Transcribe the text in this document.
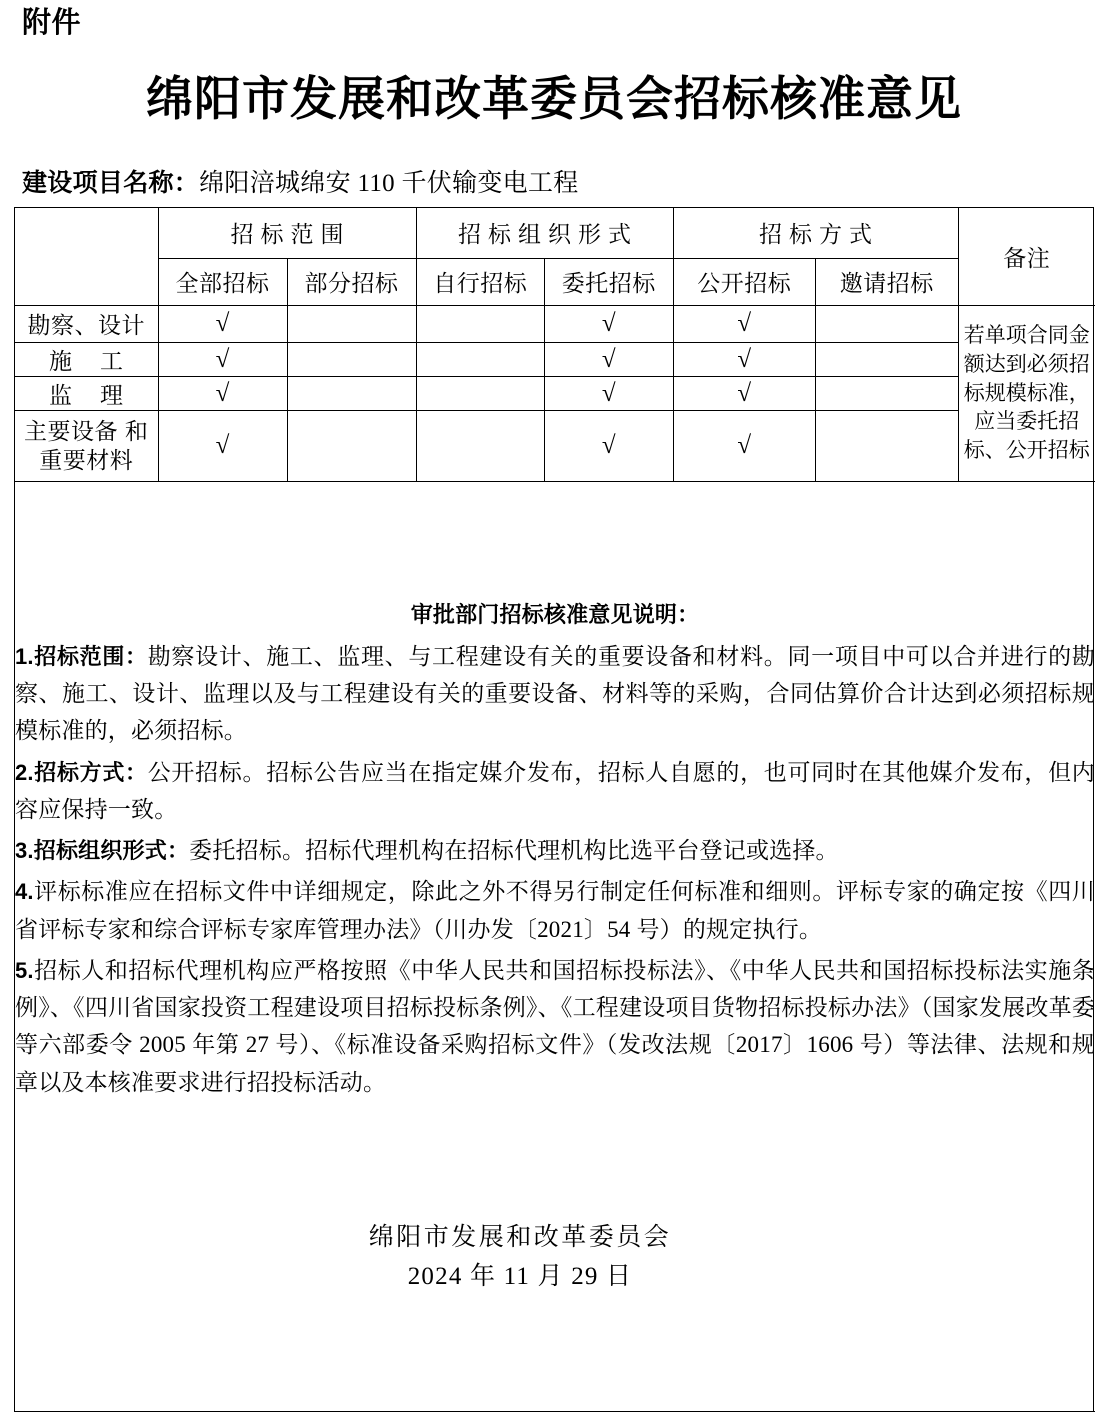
附件
绵阳市发展和改革委员会招标核准意见
建设项目名称：绵阳涪城绵安 110 千伏输变电工程
	招标范围		招标组织形式		招标方式		备注
	全部招标	部分招标	自行招标	委托招标	公开招标	邀请招标	
勘察、设计	√			√	√		若单项合同金额达到必须招标规模标准，应当委托招标、公开招标
施    工	√			√	√		
监    理	√			√	√		
主要设备 和重要材料	√			√	√		

审批部门招标核准意见说明：

1.招标范围：勘察设计、施工、监理、与工程建设有关的重要设备和材料。同一项目中可以合并进行的勘察、施工、设计、监理以及与工程建设有关的重要设备、材料等的采购，合同估算价合计达到必须招标规模标准的，必须招标。

2.招标方式：公开招标。招标公告应当在指定媒介发布，招标人自愿的，也可同时在其他媒介发布，但内容应保持一致。

3.招标组织形式：委托招标。招标代理机构在招标代理机构比选平台登记或选择。

4.评标标准应在招标文件中详细规定，除此之外不得另行制定任何标准和细则。评标专家的确定按《四川省评标专家和综合评标专家库管理办法》（川办发〔2021〕54 号）的规定执行。

5.招标人和招标代理机构应严格按照《中华人民共和国招标投标法》、《中华人民共和国招标投标法实施条例》、《四川省国家投资工程建设项目招标投标条例》、《工程建设项目货物招标投标办法》（国家发展改革委等六部委令 2005 年第 27 号）、《标准设备采购招标文件》（发改法规〔2017〕1606 号）等法律、法规和规章以及本核准要求进行招投标活动。

绵阳市发展和改革委员会
2024 年 11 月 29 日
